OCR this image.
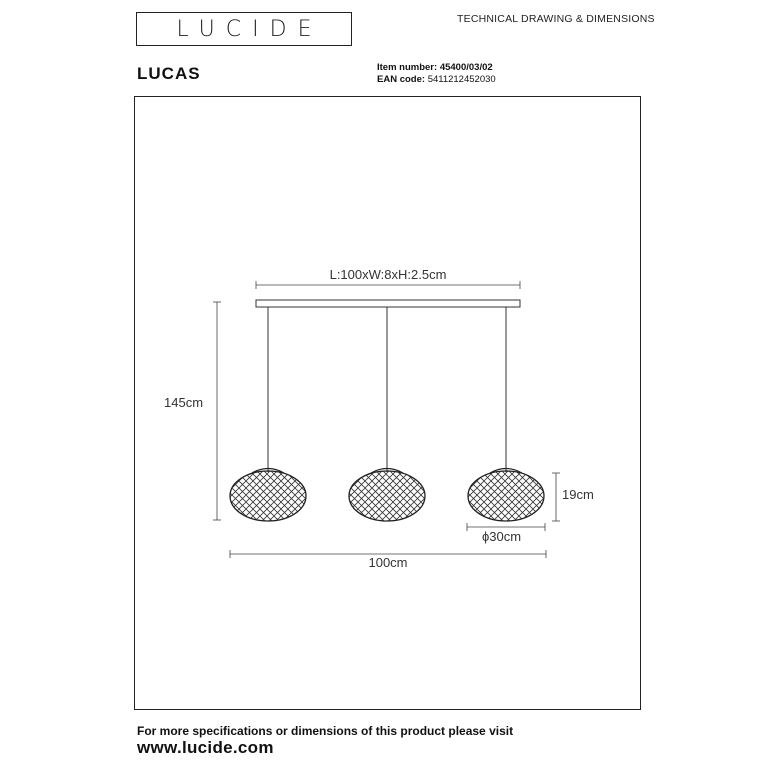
LUCIDE	TECHNICAL DRAWING & DIMENSIONS
LUCAS	Item number: 45400/03/02
EAN code: 5411212452030
L:100xW:8xH:2.5cm
145cm
19cm
ϕ30cm
100cm
For more specifications or dimensions of this product please visit
www.lucide.com
